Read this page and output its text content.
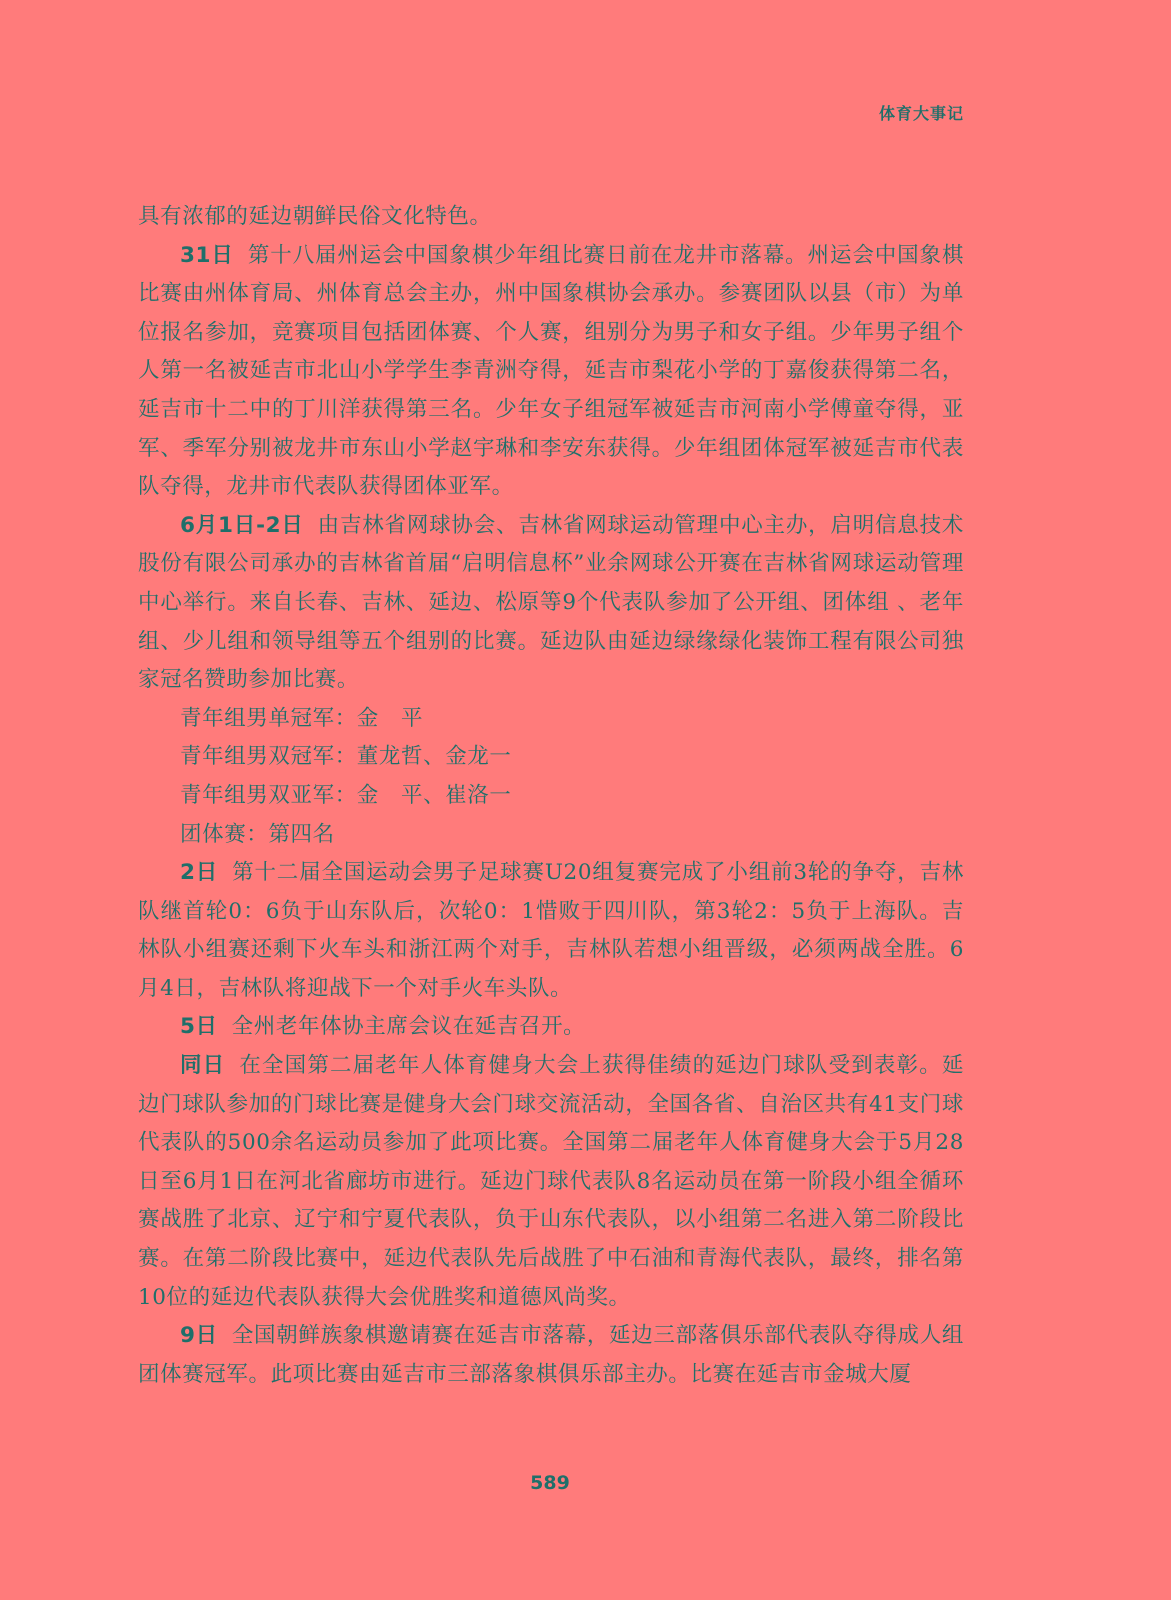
体育大事记

具有浓郁的延边朝鲜民俗文化特色。

31日 第十八届州运会中国象棋少年组比赛日前在龙井市落幕。州运会中国象棋比赛由州体育局、州体育总会主办，州中国象棋协会承办。参赛团队以县（市）为单位报名参加，竞赛项目包括团体赛、个人赛，组别分为男子和女子组。少年男子组个人第一名被延吉市北山小学学生李青洲夺得，延吉市梨花小学的丁嘉俊获得第二名，延吉市十二中的丁川洋获得第三名。少年女子组冠军被延吉市河南小学傅童夺得，亚军、季军分别被龙井市东山小学赵宇琳和李安东获得。少年组团体冠军被延吉市代表队夺得，龙井市代表队获得团体亚军。

6月1日-2日 由吉林省网球协会、吉林省网球运动管理中心主办，启明信息技术股份有限公司承办的吉林省首届“启明信息杯”业余网球公开赛在吉林省网球运动管理中心举行。来自长春、吉林、延边、松原等9个代表队参加了公开组、团体组 、老年组、少儿组和领导组等五个组别的比赛。延边队由延边绿缘绿化装饰工程有限公司独家冠名赞助参加比赛。

青年组男单冠军：金　平

青年组男双冠军：董龙哲、金龙一

青年组男双亚军：金　平、崔洛一

团体赛：第四名

2日 第十二届全国运动会男子足球赛U20组复赛完成了小组前3轮的争夺，吉林队继首轮0：6负于山东队后，次轮0：1惜败于四川队，第3轮2：5负于上海队。吉林队小组赛还剩下火车头和浙江两个对手，吉林队若想小组晋级，必须两战全胜。6月4日，吉林队将迎战下一个对手火车头队。

5日 全州老年体协主席会议在延吉召开。

同日 在全国第二届老年人体育健身大会上获得佳绩的延边门球队受到表彰。延边门球队参加的门球比赛是健身大会门球交流活动，全国各省、自治区共有41支门球代表队的500余名运动员参加了此项比赛。全国第二届老年人体育健身大会于5月28日至6月1日在河北省廊坊市进行。延边门球代表队8名运动员在第一阶段小组全循环赛战胜了北京、辽宁和宁夏代表队，负于山东代表队，以小组第二名进入第二阶段比赛。在第二阶段比赛中，延边代表队先后战胜了中石油和青海代表队，最终，排名第10位的延边代表队获得大会优胜奖和道德风尚奖。

9日 全国朝鲜族象棋邀请赛在延吉市落幕，延边三部落俱乐部代表队夺得成人组团体赛冠军。此项比赛由延吉市三部落象棋俱乐部主办。比赛在延吉市金城大厦

589
